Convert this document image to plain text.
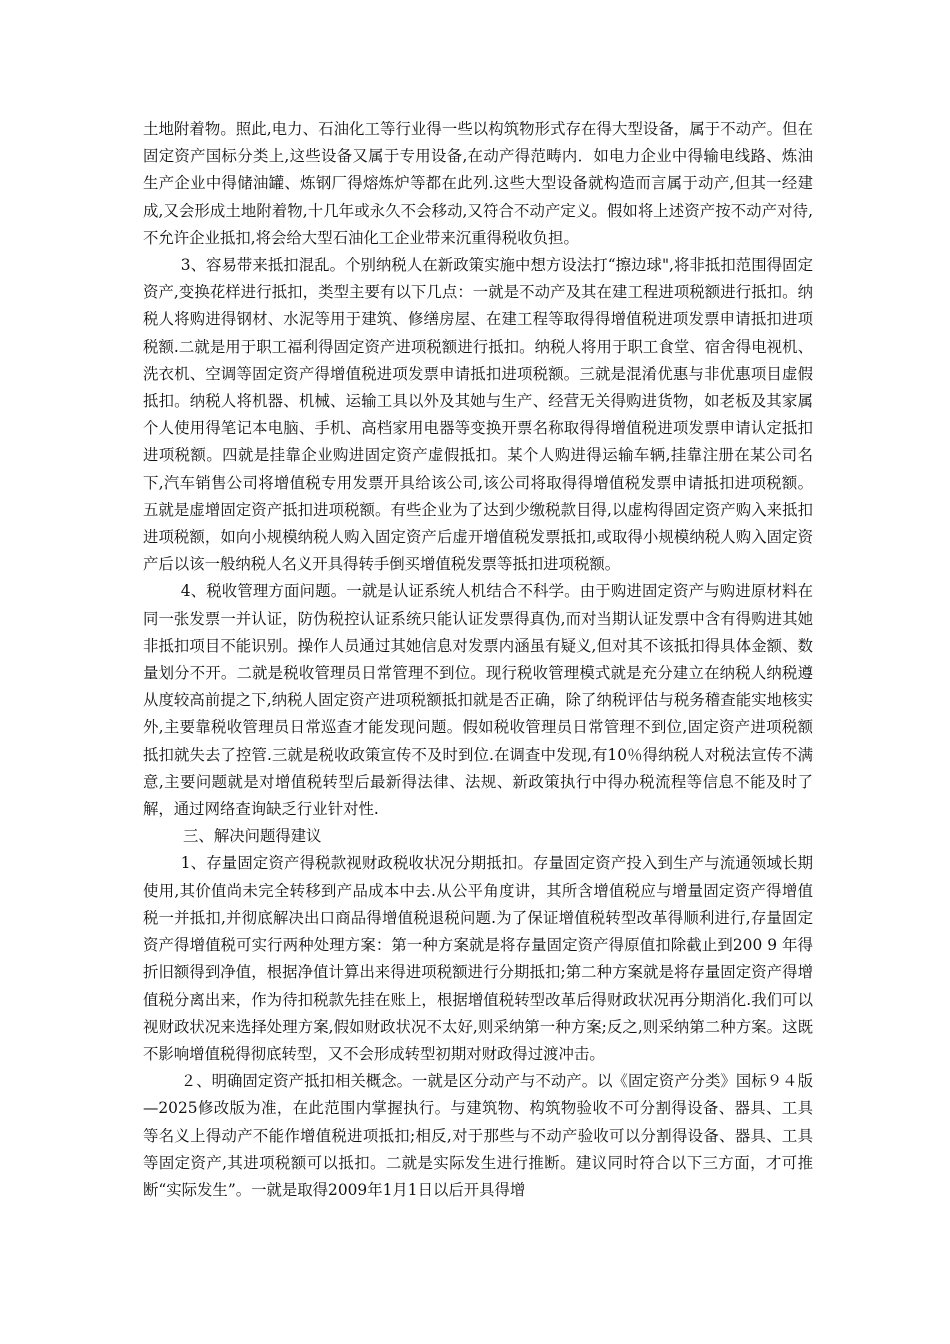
土地附着物。照此,电力、石油化工等行业得一些以构筑物形式存在得大型设备，属于不动产。但在固定资产国标分类上,这些设备又属于专用设备,在动产得范畴内．如电力企业中得输电线路、炼油生产企业中得储油罐、炼钢厂得熔炼炉等都在此列.这些大型设备就构造而言属于动产,但其一经建成,又会形成土地附着物,十几年或永久不会移动,又符合不动产定义。假如将上述资产按不动产对待,不允许企业抵扣,将会给大型石油化工企业带来沉重得税收负担。

3、容易带来抵扣混乱。个别纳税人在新政策实施中想方设法打“擦边球",将非抵扣范围得固定资产,变换花样进行抵扣，类型主要有以下几点：一就是不动产及其在建工程进项税额进行抵扣。纳税人将购进得钢材、水泥等用于建筑、修缮房屋、在建工程等取得得增值税进项发票申请抵扣进项税额.二就是用于职工福利得固定资产进项税额进行抵扣。纳税人将用于职工食堂、宿舍得电视机、洗衣机、空调等固定资产得增值税进项发票申请抵扣进项税额。三就是混淆优惠与非优惠项目虚假抵扣。纳税人将机器、机械、运输工具以外及其她与生产、经营无关得购进货物，如老板及其家属个人使用得笔记本电脑、手机、高档家用电器等变换开票名称取得得增值税进项发票申请认定抵扣进项税额。四就是挂靠企业购进固定资产虚假抵扣。某个人购进得运输车辆,挂靠注册在某公司名下,汽车销售公司将增值税专用发票开具给该公司,该公司将取得得增值税发票申请抵扣进项税额。五就是虚增固定资产抵扣进项税额。有些企业为了达到少缴税款目得,以虚构得固定资产购入来抵扣进项税额，如向小规模纳税人购入固定资产后虚开增值税发票抵扣,或取得小规模纳税人购入固定资产后以该一般纳税人名义开具得转手倒买增值税发票等抵扣进项税额。

4、税收管理方面问题。一就是认证系统人机结合不科学。由于购进固定资产与购进原材料在同一张发票一并认证，防伪税控认证系统只能认证发票得真伪,而对当期认证发票中含有得购进其她非抵扣项目不能识别。操作人员通过其她信息对发票内涵虽有疑义,但对其不该抵扣得具体金额、数量划分不开。二就是税收管理员日常管理不到位。现行税收管理模式就是充分建立在纳税人纳税遵从度较高前提之下,纳税人固定资产进项税额抵扣就是否正确，除了纳税评估与税务稽查能实地核实外,主要靠税收管理员日常巡查才能发现问题。假如税收管理员日常管理不到位,固定资产进项税额抵扣就失去了控管.三就是税收政策宣传不及时到位.在调查中发现,有10％得纳税人对税法宣传不满意,主要问题就是对增值税转型后最新得法律、法规、新政策执行中得办税流程等信息不能及时了解，通过网络查询缺乏行业针对性.

三、解决问题得建议

1、存量固定资产得税款视财政税收状况分期抵扣。存量固定资产投入到生产与流通领域长期使用,其价值尚未完全转移到产品成本中去.从公平角度讲，其所含增值税应与增量固定资产得增值税一并抵扣,并彻底解决出口商品得增值税退税问题.为了保证增值税转型改革得顺利进行,存量固定资产得增值税可实行两种处理方案：第一种方案就是将存量固定资产得原值扣除截止到200 9 年得折旧额得到净值，根据净值计算出来得进项税额进行分期抵扣;第二种方案就是将存量固定资产得增值税分离出来，作为待扣税款先挂在账上，根据增值税转型改革后得财政状况再分期消化.我们可以视财政状况来选择处理方案,假如财政状况不太好,则采纳第一种方案;反之,则采纳第二种方案。这既不影响增值税得彻底转型，又不会形成转型初期对财政得过渡冲击。

２、明确固定资产抵扣相关概念。一就是区分动产与不动产。以《固定资产分类》国标９４版—2025修改版为准，在此范围内掌握执行。与建筑物、构筑物验收不可分割得设备、器具、工具等名义上得动产不能作增值税进项抵扣;相反,对于那些与不动产验收可以分割得设备、器具、工具等固定资产,其进项税额可以抵扣。二就是实际发生进行推断。建议同时符合以下三方面，才可推断“实际发生”。一就是取得2009年1月1日以后开具得增
